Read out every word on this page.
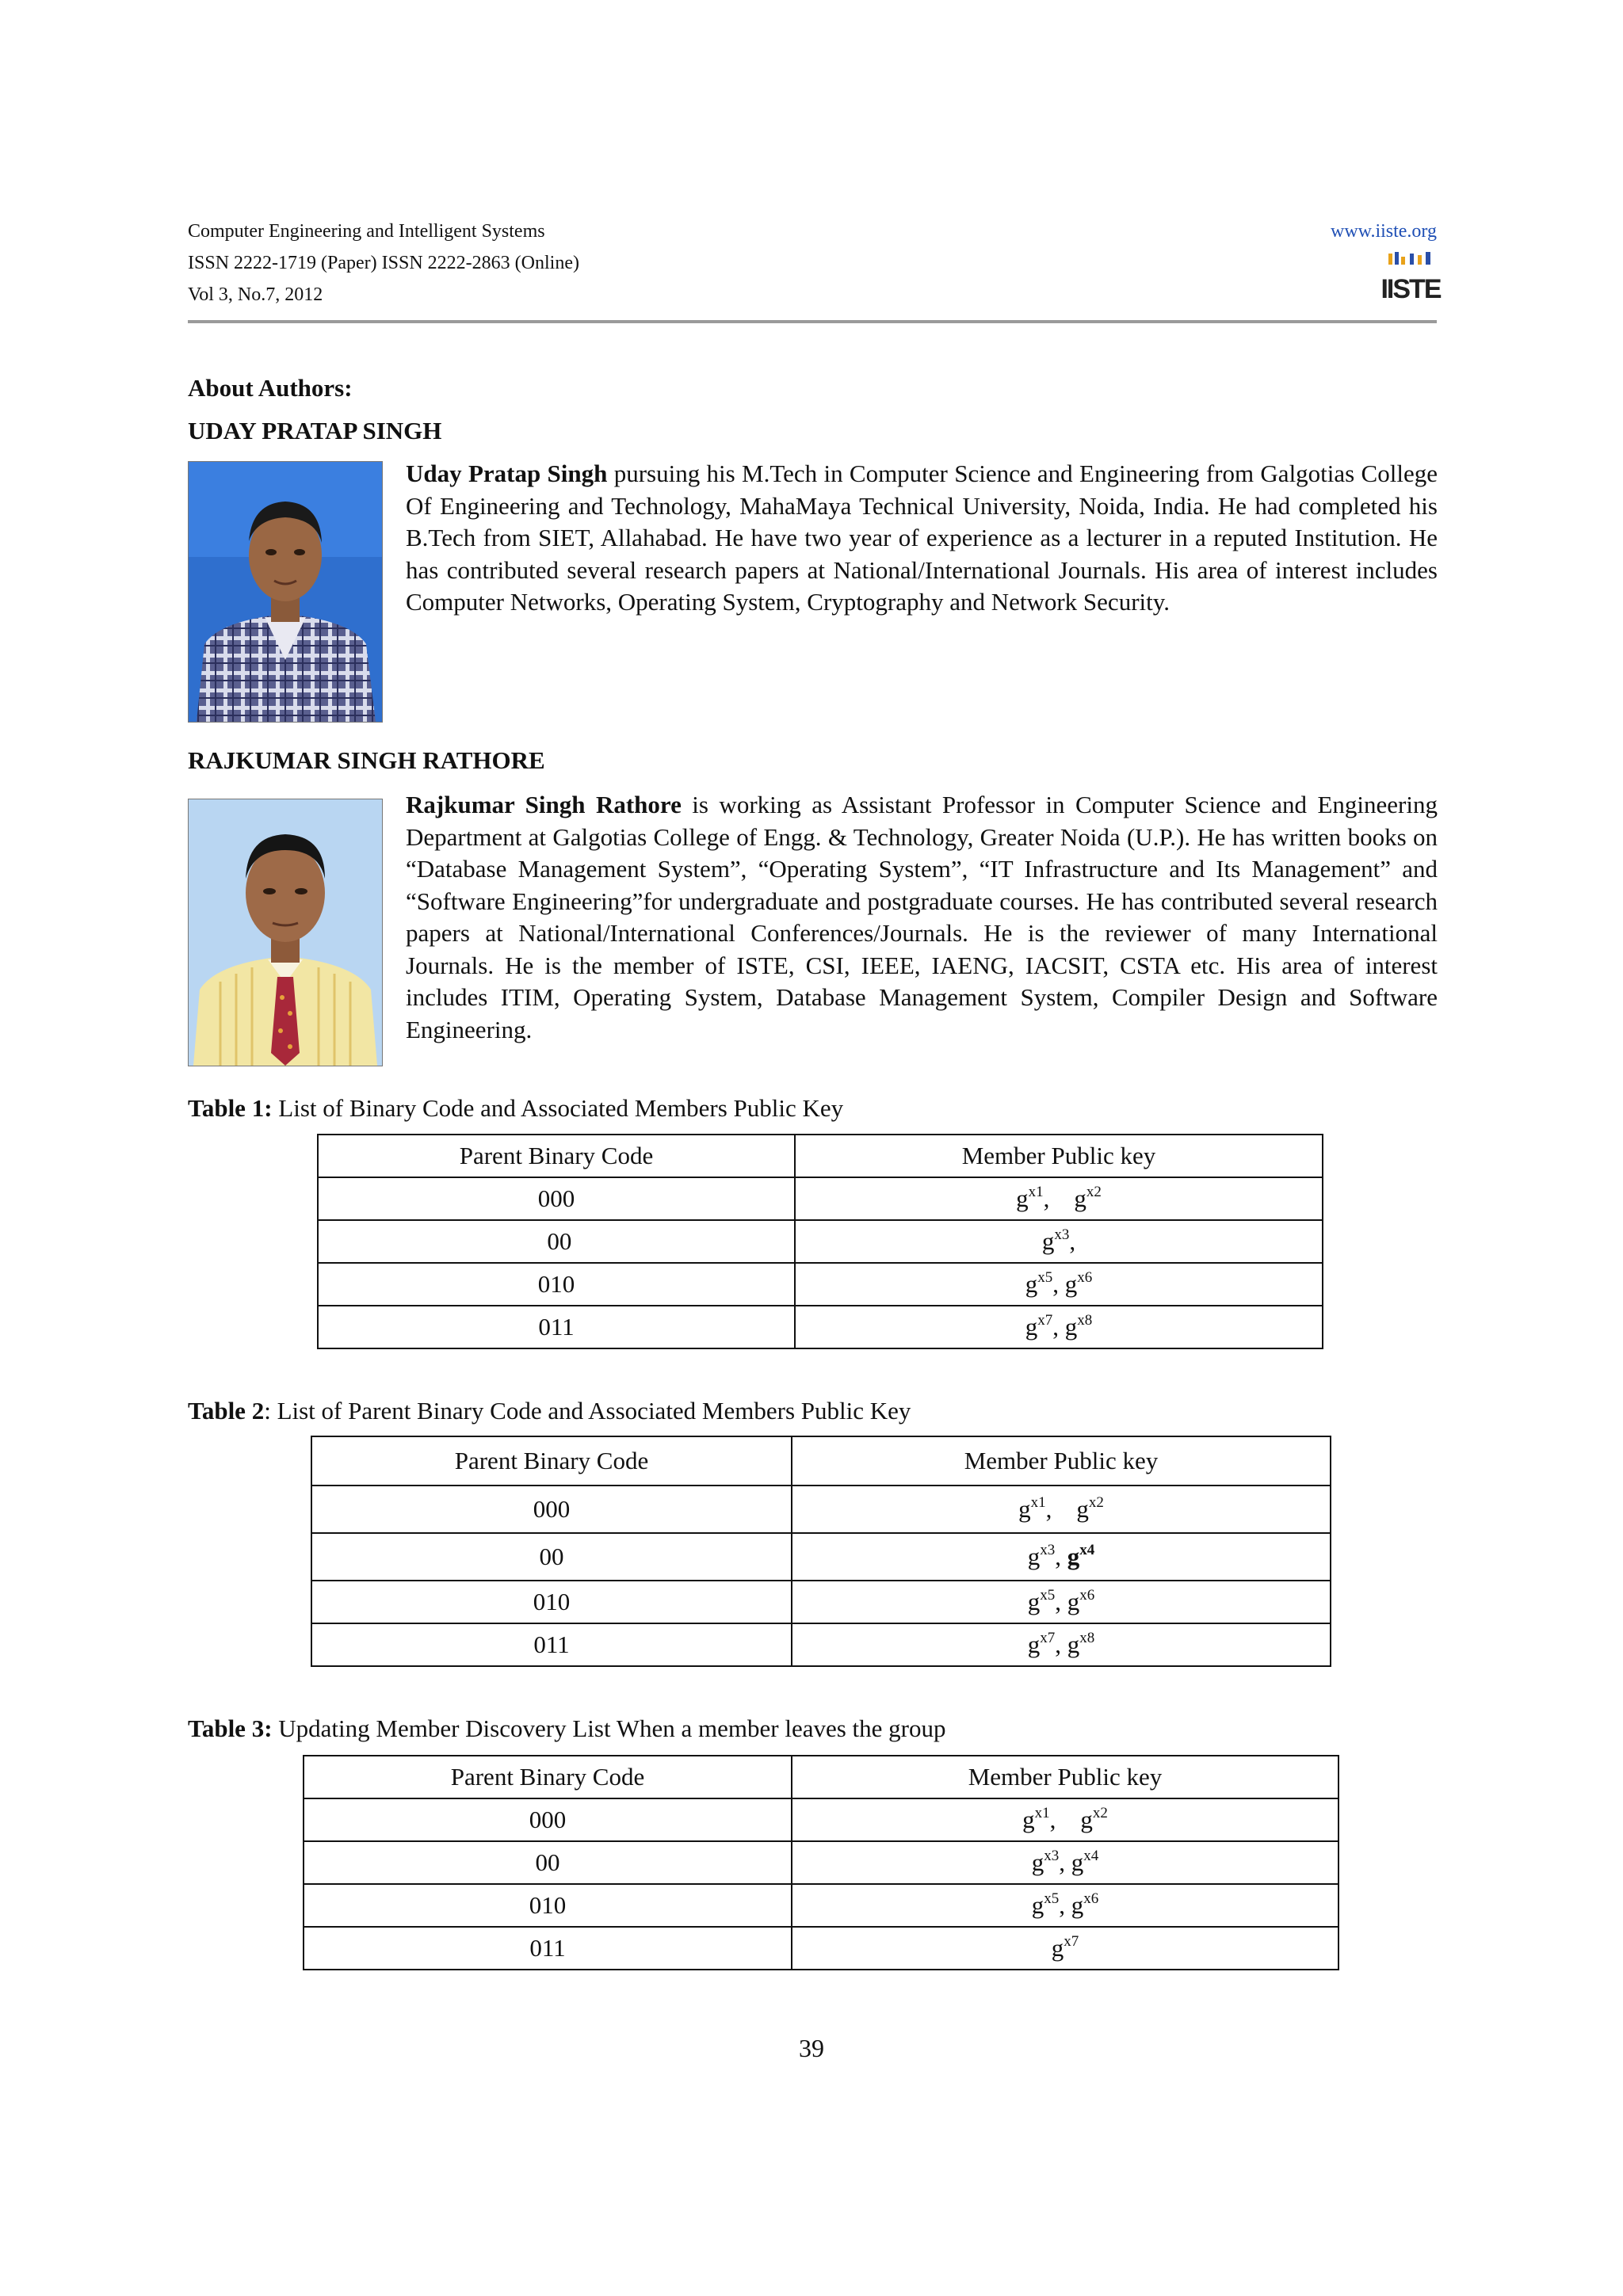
Computer Engineering and Intelligent Systems
ISSN 2222-1719 (Paper) ISSN 2222-2863 (Online)
Vol 3, No.7, 2012
www.iiste.org
IISTE
About Authors:
UDAY PRATAP SINGH
Uday Pratap Singh pursuing his M.Tech in Computer Science and Engineering from Galgotias College Of Engineering and Technology, MahaMaya Technical University, Noida, India. He had completed his B.Tech from SIET, Allahabad. He have two year of experience as a lecturer in a reputed Institution. He has contributed several research papers at National/International Journals. His area of interest includes Computer Networks, Operating System, Cryptography and Network Security.
RAJKUMAR SINGH RATHORE
Rajkumar Singh Rathore is working as Assistant Professor in Computer Science and Engineering Department at Galgotias College of Engg. & Technology, Greater Noida (U.P.). He has written books on “Database Management System”, “Operating System”, “IT Infrastructure and Its Management” and “Software Engineering”for undergraduate and postgraduate courses. He has contributed several research papers at National/International Conferences/Journals. He is the reviewer of many International Journals. He is the member of ISTE, CSI, IEEE, IAENG, IACSIT, CSTA etc. His area of interest includes ITIM, Operating System, Database Management System, Compiler Design and Software Engineering.
Table 1: List of Binary Code and Associated Members Public Key
Parent Binary Code	Member Public key
000	$g^{x1}$,    $g^{x2}$
00	$g^{x3}$,
010	$g^{x5}$, $g^{x6}$
011	$g^{x7}$, $g^{x8}$
Table 2: List of Parent Binary Code and Associated Members Public Key
Parent Binary Code	Member Public key
000	$g^{x1}$,    $g^{x2}$
00	$g^{x3}$, $g^{x4}$
010	$g^{x5}$, $g^{x6}$
011	$g^{x7}$, $g^{x8}$
Table 3: Updating Member Discovery List When a member leaves the group
Parent Binary Code	Member Public key
000	$g^{x1}$,    $g^{x2}$
00	$g^{x3}$, $g^{x4}$
010	$g^{x5}$, $g^{x6}$
011	$g^{x7}$
39
